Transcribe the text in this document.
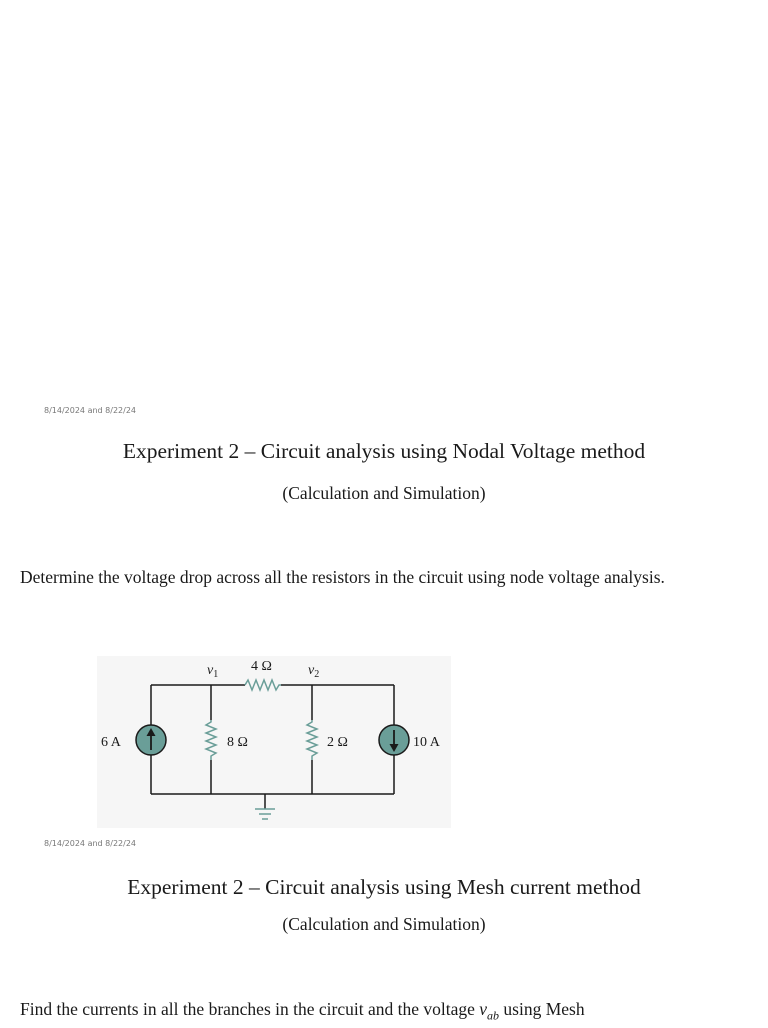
8/14/2024 and 8/22/24
Experiment 2 – Circuit analysis using Nodal Voltage method
(Calculation and Simulation)
Determine the voltage drop across all the resistors in the circuit using node voltage analysis.
$v_1$	$v_2$
4 Ω
8 Ω	2 Ω
6 A	10 A
8/14/2024 and 8/22/24
Experiment 2 – Circuit analysis using Mesh current method
(Calculation and Simulation)
Find the currents in all the branches in the circuit and the voltage $v_{ab}$ using Mesh
